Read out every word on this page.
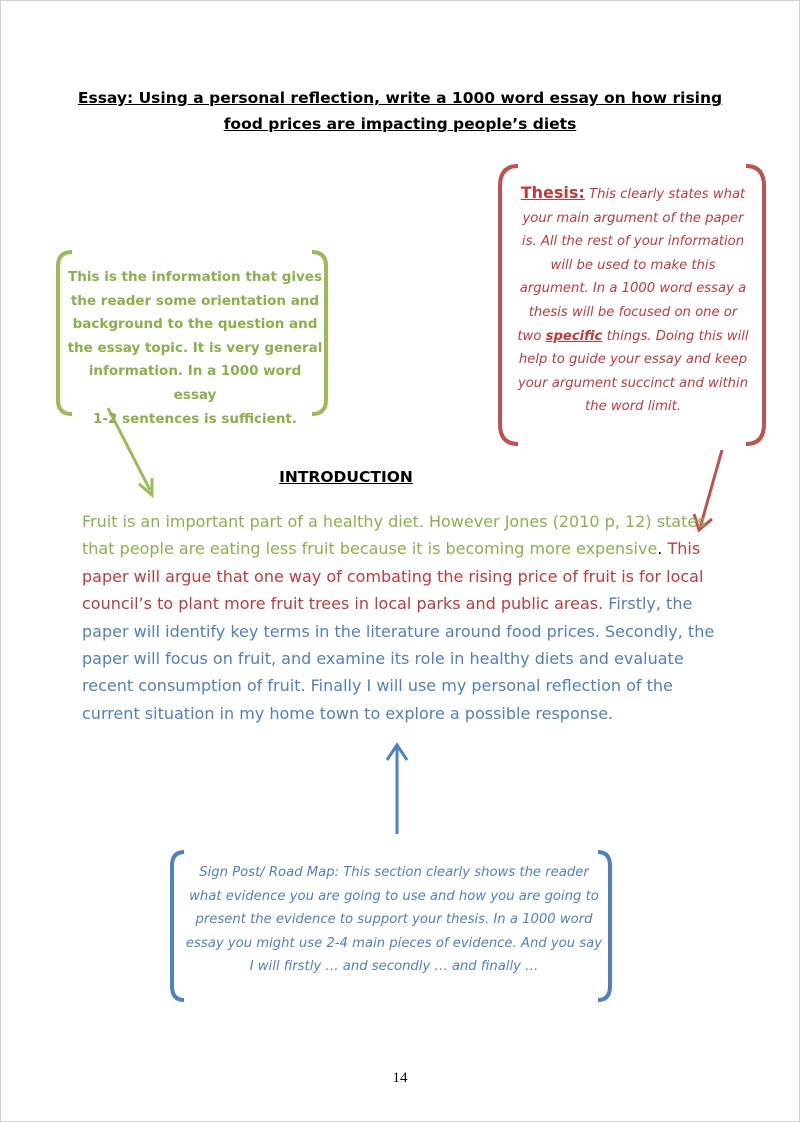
Essay: Using a personal reflection, write a 1000 word essay on how rising
food prices are impacting people’s diets
This is the information that gives
the reader some orientation and
background to the question and
the essay topic. It is very general
information. In a 1000 word essay
1-2 sentences is sufficient.
Thesis: This clearly states what
your main argument of the paper
is. All the rest of your information
will be used to make this
argument. In a 1000 word essay a
thesis will be focused on one or
two specific things. Doing this will
help to guide your essay and keep
your argument succinct and within
the word limit.
INTRODUCTION
Fruit is an important part of a healthy diet. However Jones (2010 p, 12) states
that people are eating less fruit because it is becoming more expensive. This
paper will argue that one way of combating the rising price of fruit is for local
council’s to plant more fruit trees in local parks and public areas. Firstly, the
paper will identify key terms in the literature around food prices. Secondly, the
paper will focus on fruit, and examine its role in healthy diets and evaluate
recent consumption of fruit. Finally I will use my personal reflection of the
current situation in my home town to explore a possible response.
Sign Post/ Road Map: This section clearly shows the reader
what evidence you are going to use and how you are going to
present the evidence to support your thesis. In a 1000 word
essay you might use 2-4 main pieces of evidence. And you say
I will firstly … and secondly … and finally …
14
